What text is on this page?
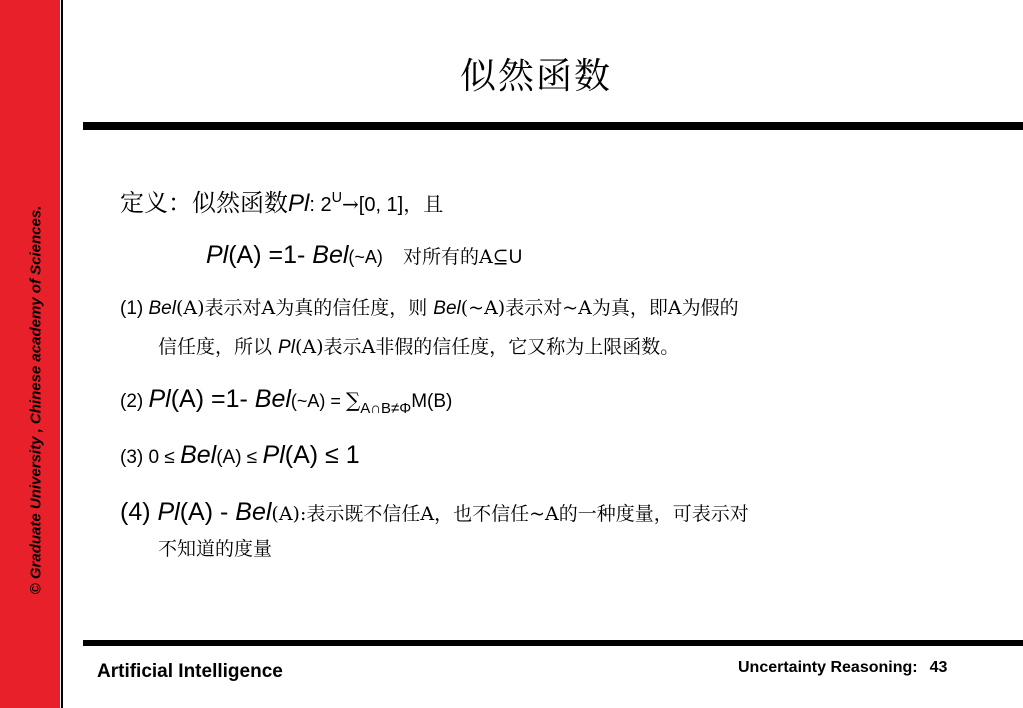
© Graduate University , Chinese academy of Sciences.
似然函数
定义：似然函数Pl: $2^U\to[0$, 1]，且
Pl(A) =1- Bel(~A) 对所有的A⊆U
(1) Bel(A)表示对A为真的信任度，则 Bel(~A)表示对~A为真，即A为假的
信任度，所以 Pl(A)表示A非假的信任度，它又称为上限函数。
(2) Pl(A) =1- Bel(~A) = $\sum_{A\cap B\ne\Phi}M(B)$
(3) 0 ≤ Bel(A) ≤ Pl(A) ≤ 1
(4) Pl(A) - Bel(A):表示既不信任A，也不信任~A的一种度量，可表示对
不知道的度量
Artificial Intelligence	Uncertainty Reasoning: 43
